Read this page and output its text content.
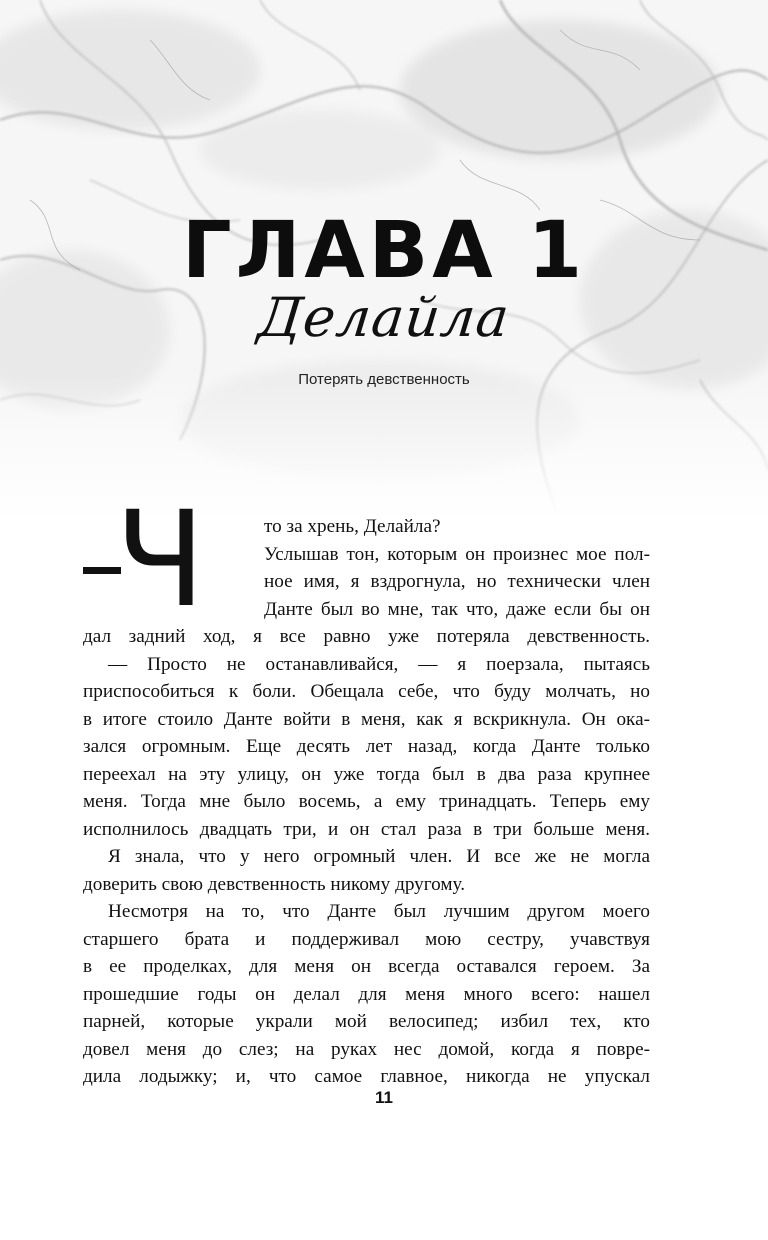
ГЛАВА 1
Делайла
Потерять девственность
Ч	то за хрень, Делайла?
Услышав тон, которым он произнес мое пол-
ное имя, я вздрогнула, но технически член
Данте был во мне, так что, даже если бы он
дал задний ход, я все равно уже потеряла девственность.
— Просто не останавливайся, — я поерзала, пытаясь
приспособиться к боли. Обещала себе, что буду молчать, но
в итоге стоило Данте войти в меня, как я вскрикнула. Он ока-
зался огромным. Еще десять лет назад, когда Данте только
переехал на эту улицу, он уже тогда был в два раза крупнее
меня. Тогда мне было восемь, а ему тринадцать. Теперь ему
исполнилось двадцать три, и он стал раза в три больше меня.
Я знала, что у него огромный член. И все же не могла
доверить свою девственность никому другому.
Несмотря на то, что Данте был лучшим другом моего
старшего брата и поддерживал мою сестру, учавствуя
в ее проделках, для меня он всегда оставался героем. За
прошедшие годы он делал для меня много всего: нашел
парней, которые украли мой велосипед; избил тех, кто
довел меня до слез; на руках нес домой, когда я повре-
дила лодыжку; и, что самое главное, никогда не упускал
11
